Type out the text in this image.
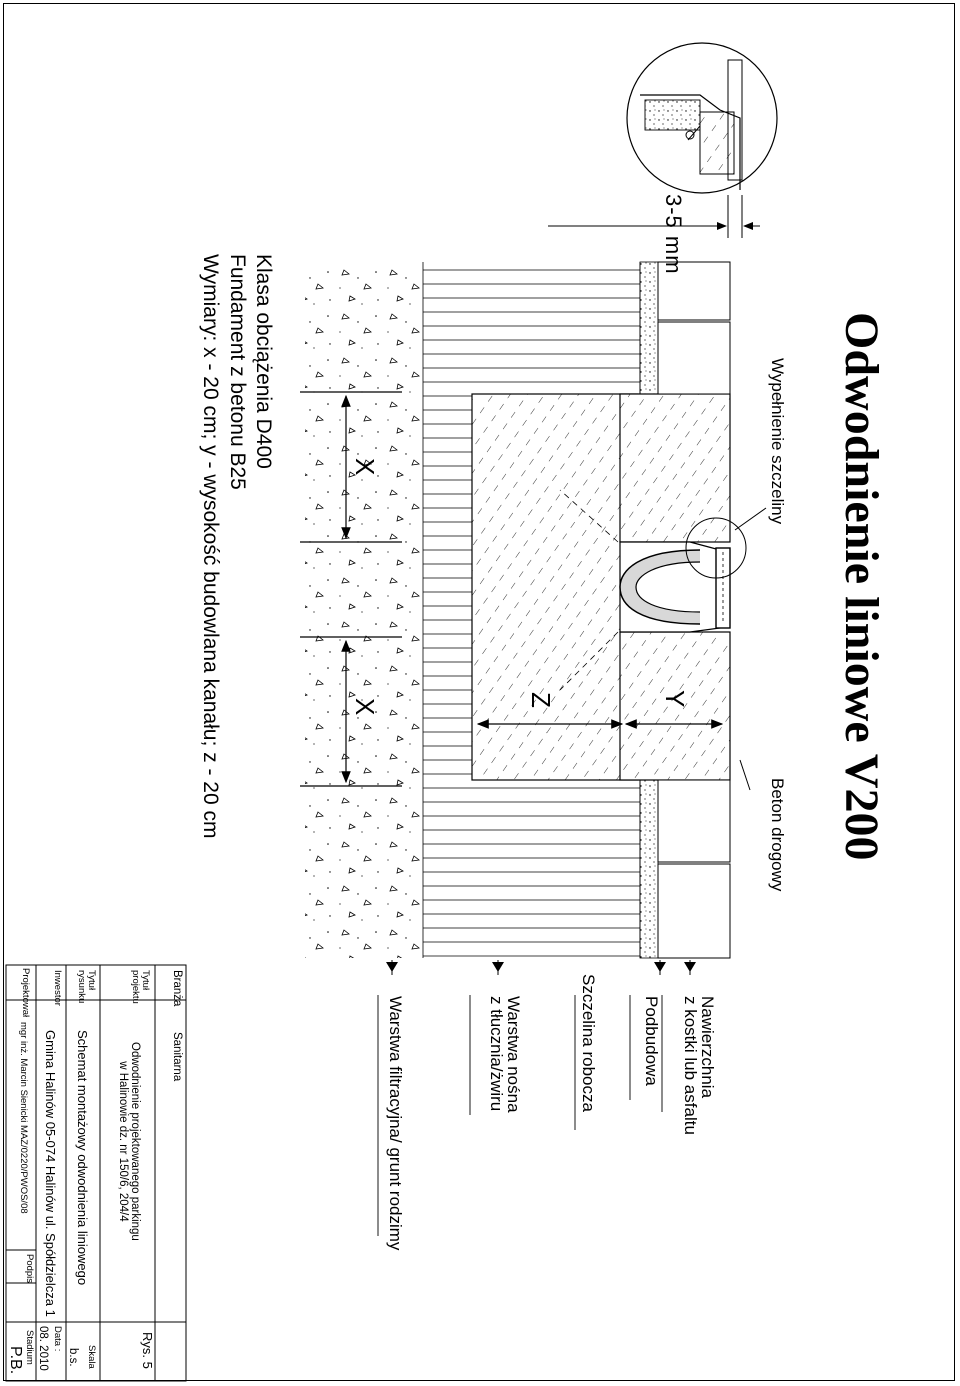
Odwodnienie liniowe V200
3-5 mm
Wypełnienie szczeliny
Beton drogowy
Nawierzchnia
z kostki lub asfaltu
Podbudowa
Szczelina robocza
Warstwa nośna
z tłucznia/żwiru
Warstwa filtracyjna/ grunt rodzimy
Y
Z
X
X
Klasa obciążenia D400
Fundament z betonu B25
Wymiary: x - 20 cm; y - wysokość budowlana kanału; z - 20 cm
Branża
Sanitarna
Rys. 5
Tytuł
projektu
Odwodnienie projektowanego parkingu
w Halinowie dz. nr 150/6, 204/4
Tytuł
rysunku
Schemat montażowy odwodnienia liniowego
Skala
b.s.
Inwestor
Gmina Halinów 05-074 Halinów ul. Spółdzielcza 1
Data :
08. 2010
Projektował
mgr inż. Marcin Sienicki MAZ/0220/PWOS/08
Podpis
Stadium
P.B.
